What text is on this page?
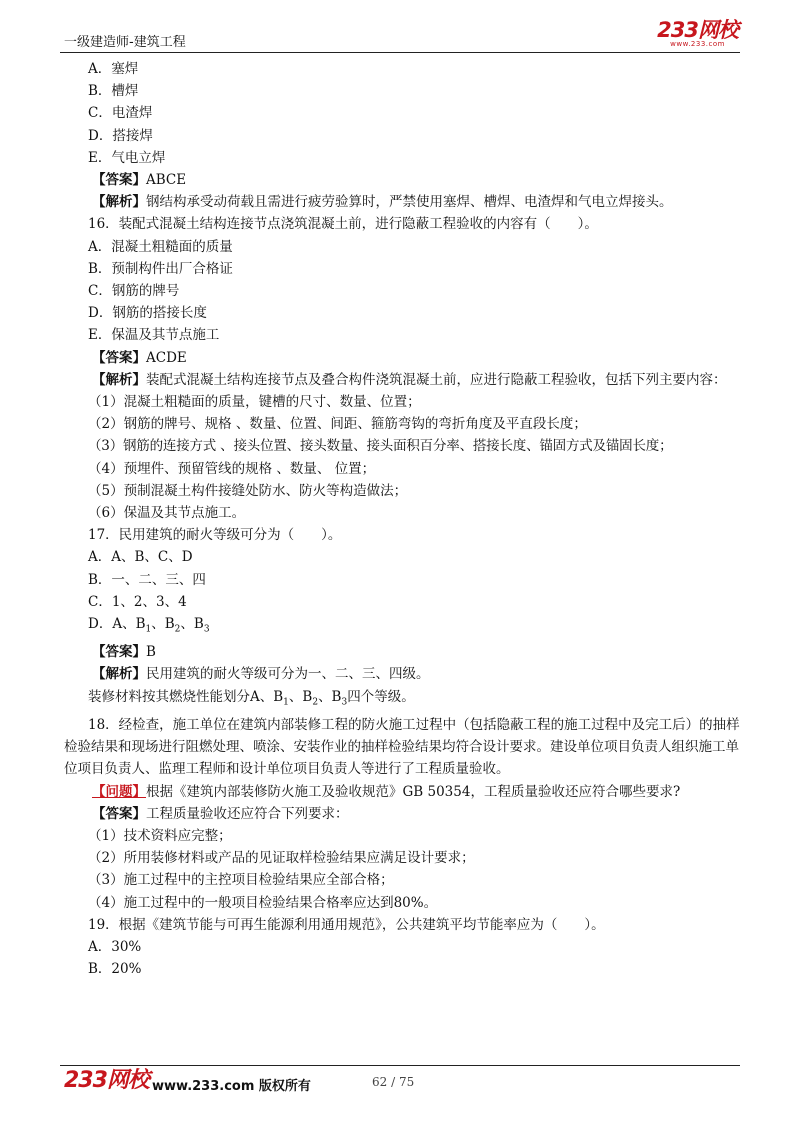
一级建造师-建筑工程
233网校
www.233.com
A．塞焊
B．槽焊
C．电渣焊
D．搭接焊
E．气电立焊
【答案】ABCE
【解析】钢结构承受动荷载且需进行疲劳验算时，严禁使用塞焊、槽焊、电渣焊和气电立焊接头。
16．装配式混凝土结构连接节点浇筑混凝土前，进行隐蔽工程验收的内容有（　　）。
A．混凝土粗糙面的质量
B．预制构件出厂合格证
C．钢筋的牌号
D．钢筋的搭接长度
E．保温及其节点施工
【答案】ACDE
【解析】装配式混凝土结构连接节点及叠合构件浇筑混凝土前，应进行隐蔽工程验收，包括下列主要内容：
（1）混凝土粗糙面的质量，键槽的尺寸、数量、位置；
（2）钢筋的牌号、规格 、数量、位置、间距、箍筋弯钩的弯折角度及平直段长度；
（3）钢筋的连接方式 、接头位置、接头数量、接头面积百分率、搭接长度、锚固方式及锚固长度；
（4）预埋件、预留管线的规格 、数量、 位置；
（5）预制混凝土构件接缝处防水、防火等构造做法；
（6）保温及其节点施工。
17．民用建筑的耐火等级可分为（　　）。
A．A、B、C、D
B．一、二、三、四
C．1、2、3、4
D．A、$B_1$、$B_2$、$B_3$
【答案】B
【解析】民用建筑的耐火等级可分为一、二、三、四级。
装修材料按其燃烧性能划分A、$B_1$、$B_2$、$B_3$四个等级。
18．经检查，施工单位在建筑内部装修工程的防火施工过程中（包括隐蔽工程的施工过程中及完工后）的抽样检验结果和现场进行阻燃处理、喷涂、安装作业的抽样检验结果均符合设计要求。建设单位项目负责人组织施工单位项目负责人、监理工程师和设计单位项目负责人等进行了工程质量验收。
【问题】根据《建筑内部装修防火施工及验收规范》GB 50354，工程质量验收还应符合哪些要求?
【答案】工程质量验收还应符合下列要求：
（1）技术资料应完整；
（2）所用装修材料或产品的见证取样检验结果应满足设计要求；
（3）施工过程中的主控项目检验结果应全部合格；
（4）施工过程中的一般项目检验结果合格率应达到80%。
19．根据《建筑节能与可再生能源利用通用规范》，公共建筑平均节能率应为（　　）。
A．30%
B．20%
233网校 www.233.com 版权所有	62 / 75
